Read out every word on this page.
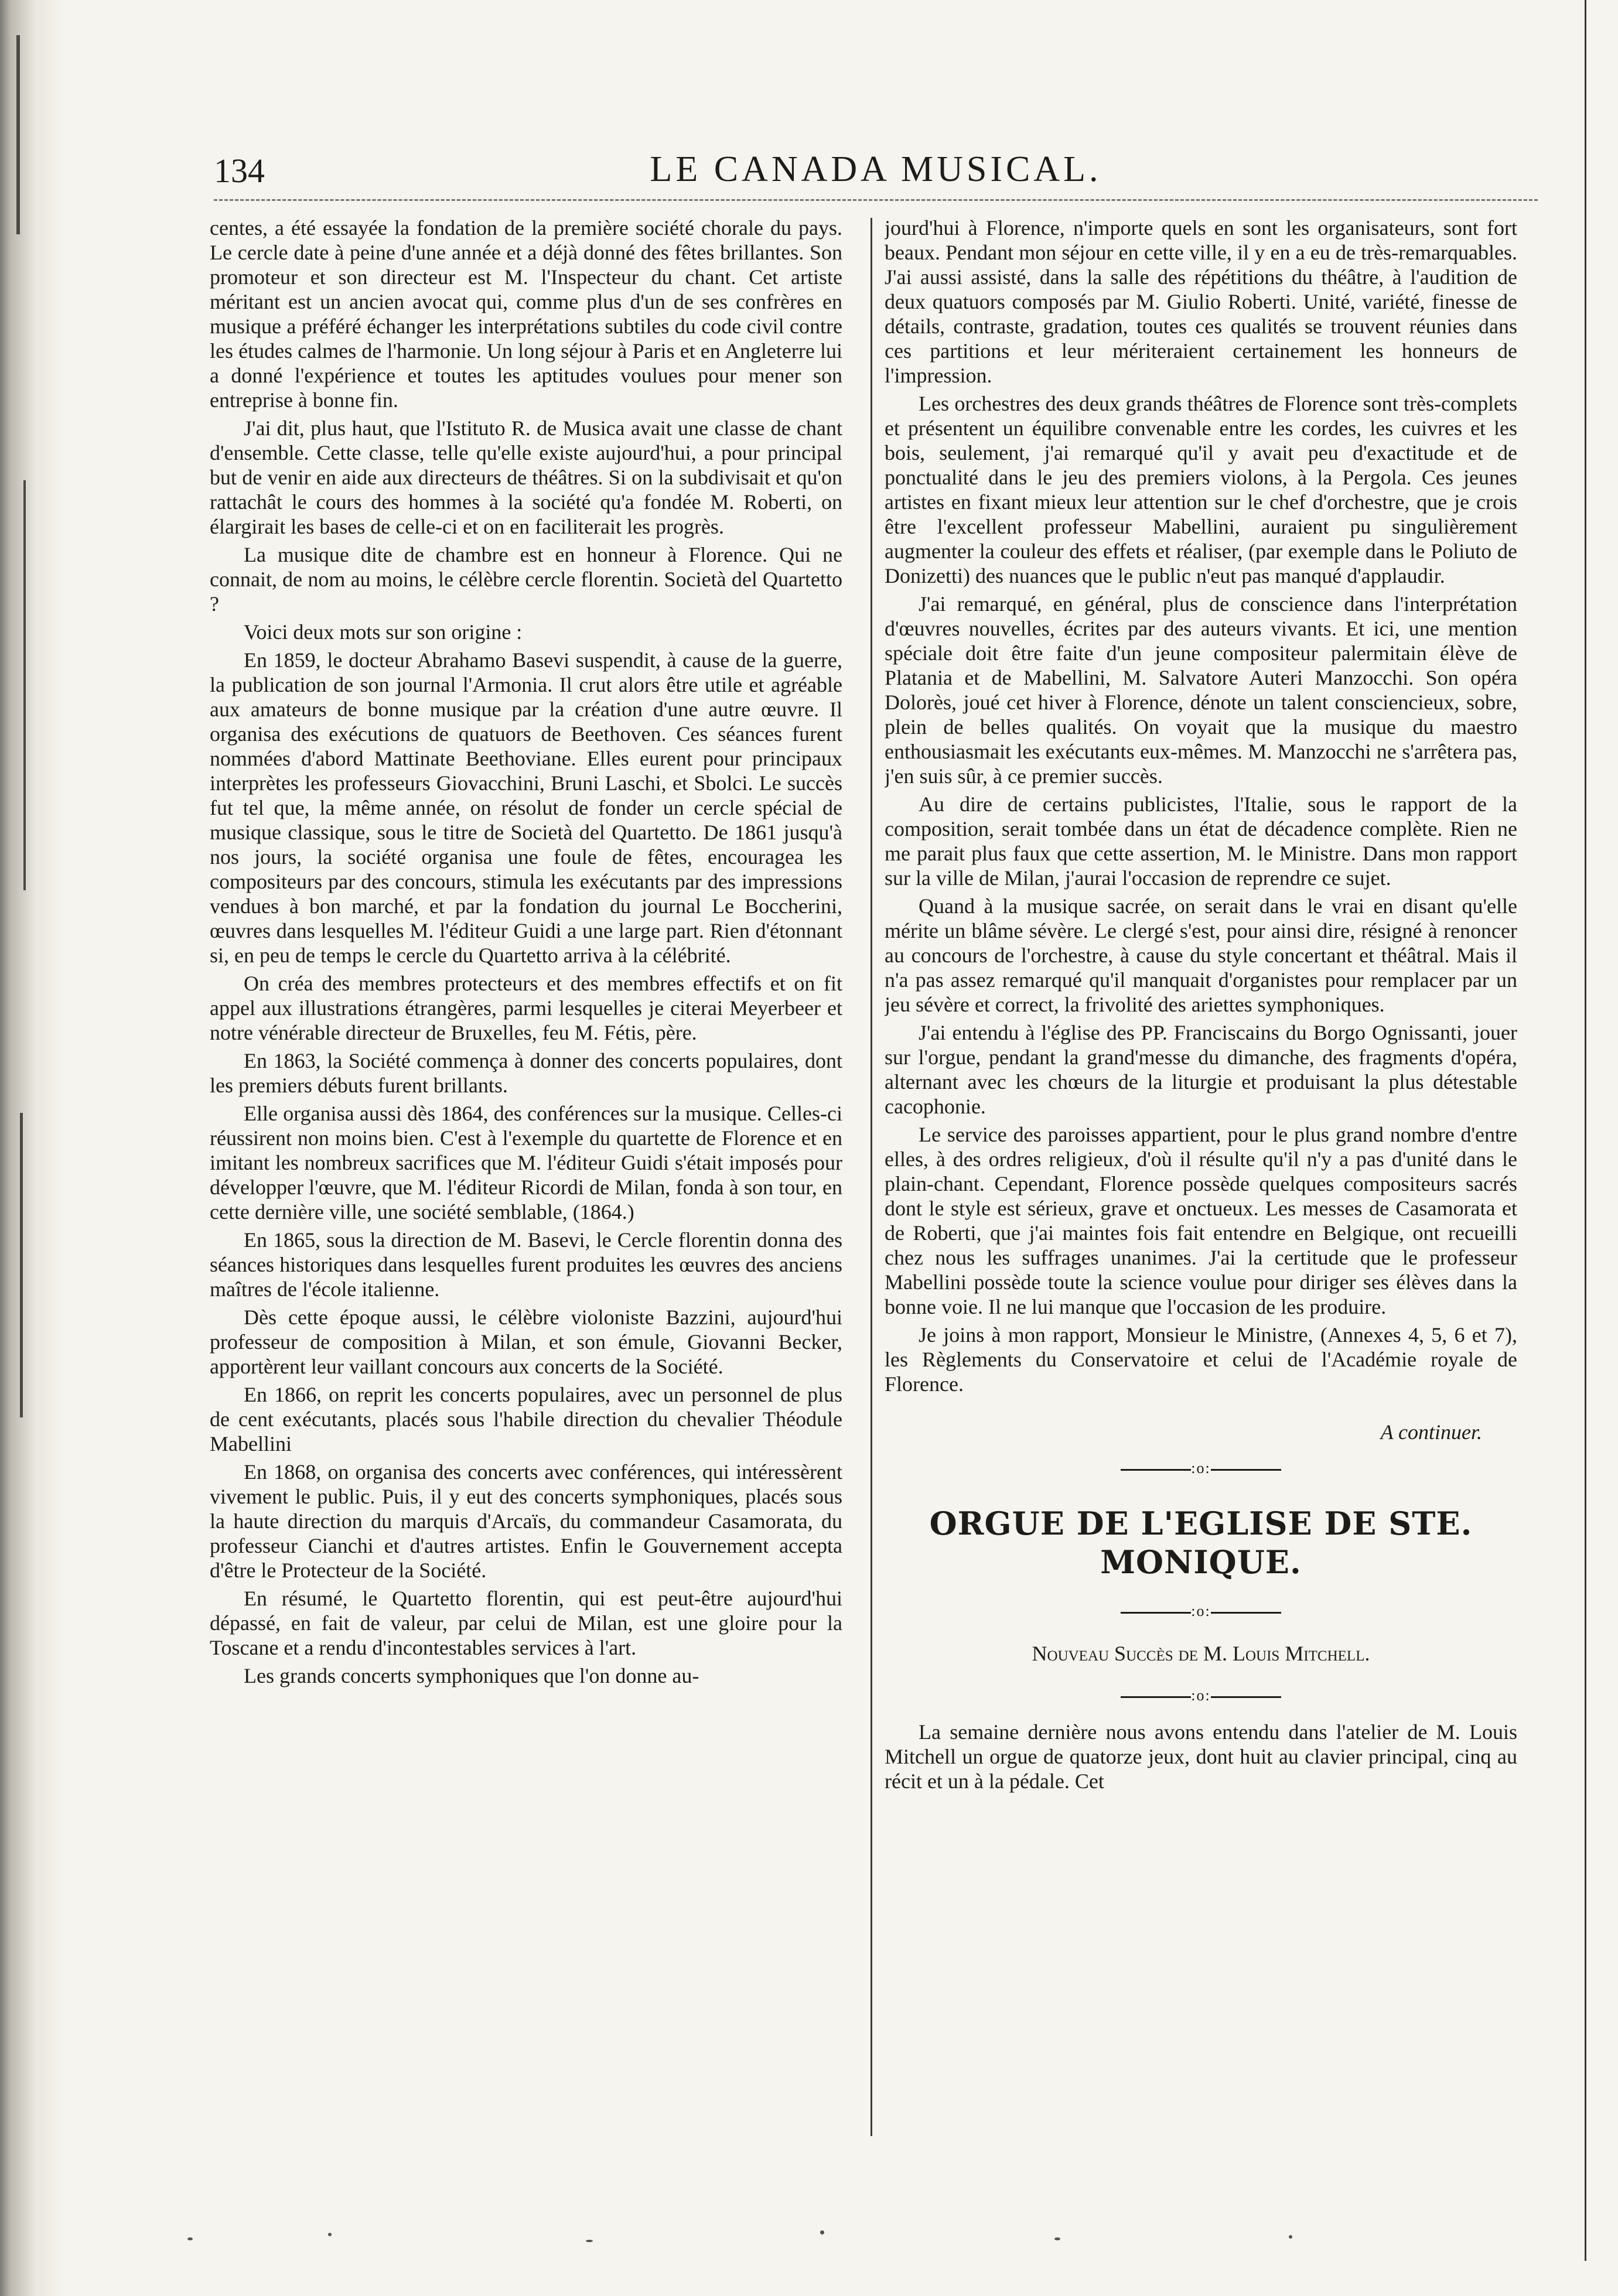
134	LE CANADA MUSICAL.

centes, a été essayée la fondation de la première société chorale du pays. Le cercle date à peine d'une année et a déjà donné des fêtes brillantes. Son promoteur et son directeur est M. l'Inspecteur du chant. Cet artiste méritant est un ancien avocat qui, comme plus d'un de ses confrères en musique a préféré échanger les interprétations subtiles du code civil contre les études calmes de l'harmonie. Un long séjour à Paris et en Angleterre lui a donné l'expérience et toutes les aptitudes voulues pour mener son entreprise à bonne fin.

J'ai dit, plus haut, que l'Istituto R. de Musica avait une classe de chant d'ensemble. Cette classe, telle qu'elle existe aujourd'hui, a pour principal but de venir en aide aux directeurs de théâtres. Si on la subdivisait et qu'on rattachât le cours des hommes à la société qu'a fondée M. Roberti, on élargirait les bases de celle-ci et on en faciliterait les progrès.

La musique dite de chambre est en honneur à Florence. Qui ne connait, de nom au moins, le célèbre cercle florentin. Società del Quartetto ?

Voici deux mots sur son origine :

En 1859, le docteur Abrahamo Basevi suspendit, à cause de la guerre, la publication de son journal l'Armonia. Il crut alors être utile et agréable aux amateurs de bonne musique par la création d'une autre œuvre. Il organisa des exécutions de quatuors de Beethoven. Ces séances furent nommées d'abord Mattinate Beethoviane. Elles eurent pour principaux interprètes les professeurs Giovacchini, Bruni Laschi, et Sbolci. Le succès fut tel que, la même année, on résolut de fonder un cercle spécial de musique classique, sous le titre de Società del Quartetto. De 1861 jusqu'à nos jours, la société organisa une foule de fêtes, encouragea les compositeurs par des concours, stimula les exécutants par des impressions vendues à bon marché, et par la fondation du journal Le Boccherini, œuvres dans lesquelles M. l'éditeur Guidi a une large part. Rien d'étonnant si, en peu de temps le cercle du Quartetto arriva à la célébrité.

On créa des membres protecteurs et des membres effectifs et on fit appel aux illustrations étrangères, parmi lesquelles je citerai Meyerbeer et notre vénérable directeur de Bruxelles, feu M. Fétis, père.

En 1863, la Société commença à donner des concerts populaires, dont les premiers débuts furent brillants.

Elle organisa aussi dès 1864, des conférences sur la musique. Celles-ci réussirent non moins bien. C'est à l'exemple du quartette de Florence et en imitant les nombreux sacrifices que M. l'éditeur Guidi s'était imposés pour développer l'œuvre, que M. l'éditeur Ricordi de Milan, fonda à son tour, en cette dernière ville, une société semblable, (1864.)

En 1865, sous la direction de M. Basevi, le Cercle florentin donna des séances historiques dans lesquelles furent produites les œuvres des anciens maîtres de l'école italienne.

Dès cette époque aussi, le célèbre violoniste Bazzini, aujourd'hui professeur de composition à Milan, et son émule, Giovanni Becker, apportèrent leur vaillant concours aux concerts de la Société.

En 1866, on reprit les concerts populaires, avec un personnel de plus de cent exécutants, placés sous l'habile direction du chevalier Théodule Mabellini

En 1868, on organisa des concerts avec conférences, qui intéressèrent vivement le public. Puis, il y eut des concerts symphoniques, placés sous la haute direction du marquis d'Arcaïs, du commandeur Casamorata, du professeur Cianchi et d'autres artistes. Enfin le Gouvernement accepta d'être le Protecteur de la Société.

En résumé, le Quartetto florentin, qui est peut-être aujourd'hui dépassé, en fait de valeur, par celui de Milan, est une gloire pour la Toscane et a rendu d'incontestables services à l'art.

Les grands concerts symphoniques que l'on donne au-

jourd'hui à Florence, n'importe quels en sont les organisateurs, sont fort beaux. Pendant mon séjour en cette ville, il y en a eu de très-remarquables. J'ai aussi assisté, dans la salle des répétitions du théâtre, à l'audition de deux quatuors composés par M. Giulio Roberti. Unité, variété, finesse de détails, contraste, gradation, toutes ces qualités se trouvent réunies dans ces partitions et leur mériteraient certainement les honneurs de l'impression.

Les orchestres des deux grands théâtres de Florence sont très-complets et présentent un équilibre convenable entre les cordes, les cuivres et les bois, seulement, j'ai remarqué qu'il y avait peu d'exactitude et de ponctualité dans le jeu des premiers violons, à la Pergola. Ces jeunes artistes en fixant mieux leur attention sur le chef d'orchestre, que je crois être l'excellent professeur Mabellini, auraient pu singulièrement augmenter la couleur des effets et réaliser, (par exemple dans le Poliuto de Donizetti) des nuances que le public n'eut pas manqué d'applaudir.

J'ai remarqué, en général, plus de conscience dans l'interprétation d'œuvres nouvelles, écrites par des auteurs vivants. Et ici, une mention spéciale doit être faite d'un jeune compositeur palermitain élève de Platania et de Mabellini, M. Salvatore Auteri Manzocchi. Son opéra Dolorès, joué cet hiver à Florence, dénote un talent consciencieux, sobre, plein de belles qualités. On voyait que la musique du maestro enthousiasmait les exécutants eux-mêmes. M. Manzocchi ne s'arrêtera pas, j'en suis sûr, à ce premier succès.

Au dire de certains publicistes, l'Italie, sous le rapport de la composition, serait tombée dans un état de décadence complète. Rien ne me parait plus faux que cette assertion, M. le Ministre. Dans mon rapport sur la ville de Milan, j'aurai l'occasion de reprendre ce sujet.

Quand à la musique sacrée, on serait dans le vrai en disant qu'elle mérite un blâme sévère. Le clergé s'est, pour ainsi dire, résigné à renoncer au concours de l'orchestre, à cause du style concertant et théâtral. Mais il n'a pas assez remarqué qu'il manquait d'organistes pour remplacer par un jeu sévère et correct, la frivolité des ariettes symphoniques.

J'ai entendu à l'église des PP. Franciscains du Borgo Ognissanti, jouer sur l'orgue, pendant la grand'messe du dimanche, des fragments d'opéra, alternant avec les chœurs de la liturgie et produisant la plus détestable cacophonie.

Le service des paroisses appartient, pour le plus grand nombre d'entre elles, à des ordres religieux, d'où il résulte qu'il n'y a pas d'unité dans le plain-chant. Cependant, Florence possède quelques compositeurs sacrés dont le style est sérieux, grave et onctueux. Les messes de Casamorata et de Roberti, que j'ai maintes fois fait entendre en Belgique, ont recueilli chez nous les suffrages unanimes. J'ai la certitude que le professeur Mabellini possède toute la science voulue pour diriger ses élèves dans la bonne voie. Il ne lui manque que l'occasion de les produire.

Je joins à mon rapport, Monsieur le Ministre, (Annexes 4, 5, 6 et 7), les Règlements du Conservatoire et celui de l'Académie royale de Florence.

A continuer.
:o:
ORGUE DE L'EGLISE DE STE. MONIQUE.
:o:
Nouveau Succès de M. Louis Mitchell.
:o:

La semaine dernière nous avons entendu dans l'atelier de M. Louis Mitchell un orgue de quatorze jeux, dont huit au clavier principal, cinq au récit et un à la pédale. Cet
